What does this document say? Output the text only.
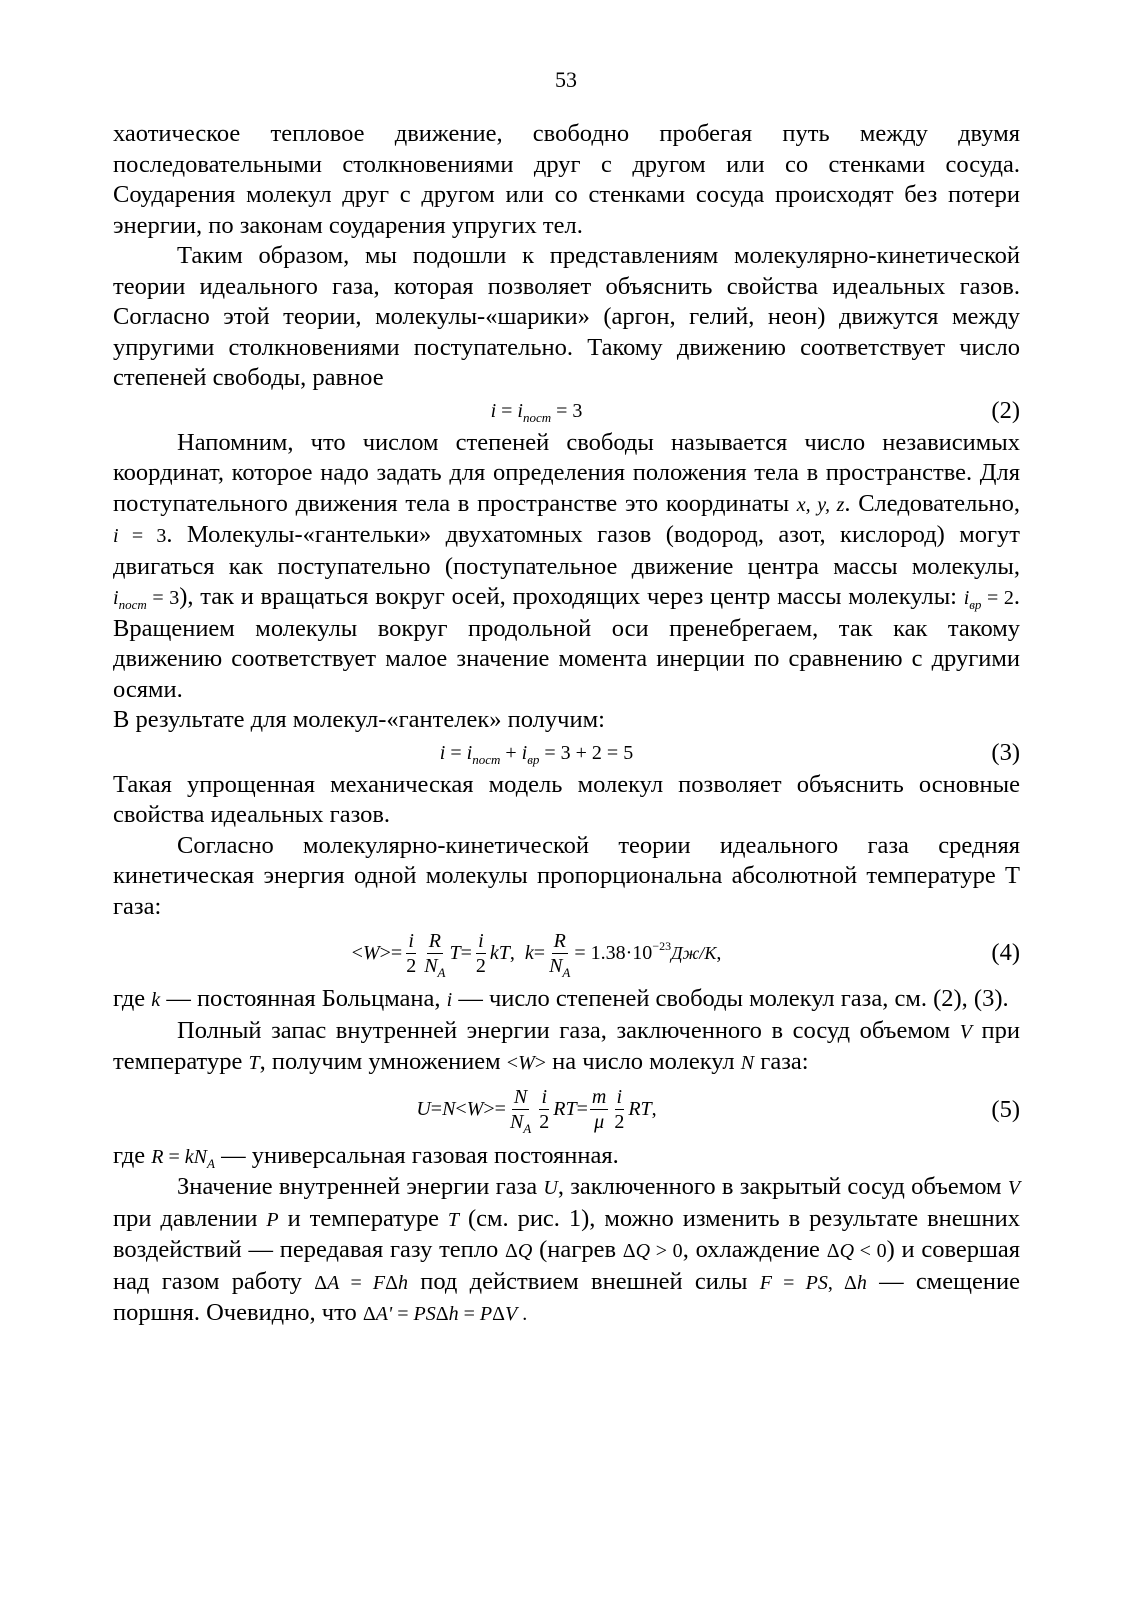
53

хаотическое тепловое движение, свободно пробегая путь между двумя последовательными столкновениями друг с другом или со стенками сосуда. Соударения молекул друг с другом или со стенками сосуда происходят без потери энергии, по законам соударения упругих тел.

Таким образом, мы подошли к представлениям молекулярно-кинетической теории идеального газа, которая позволяет объяснить свойства идеальных газов. Согласно этой теории, молекулы-«шарики» (аргон, гелий, неон) движутся между упругими столкновениями поступательно. Такому движению соответствует число степеней свободы, равное

$i = i_{пост} = 3$	(2)

Напомним, что числом степеней свободы называется число независимых координат, которое надо задать для определения положения тела в пространстве. Для поступательного движения тела в пространстве это координаты x, y, z. Следовательно, i = 3. Молекулы-«гантельки» двухатомных газов (водород, азот, кислород) могут двигаться как поступательно (поступательное движение центра массы молекулы, $i_{пост} = 3$), так и вращаться вокруг осей, проходящих через центр массы молекулы: $i_{вр} = 2$. Вращением молекулы вокруг продольной оси пренебрегаем, так как такому движению соответствует малое значение момента инерции по сравнению с другими осями.

В результате для молекул-«гантелек» получим:

$i = i_{пост} + i_{вр} = 3 + 2 = 5$	(3)

Такая упрощенная механическая модель молекул позволяет объяснить основные свойства идеальных газов.

Согласно молекулярно-кинетической теории идеального газа средняя кинетическая энергия одной молекулы пропорциональна абсолютной температуре Т газа:

< $W >= \frac{i}{2} \frac{R}{N_A}$ $T = \frac{i}{2}$ kT , $k = \frac{R}{N_A} = 1.38\cdot 10^{-23}$ Дж/K ,	(4)

где k — постоянная Больцмана, i — число степеней свободы молекул газа, см. (2), (3).

Полный запас внутренней энергии газа, заключенного в сосуд объемом V при температуре T, получим умножением <W> на число молекул N газа:

$U = N < W >= \frac{N}{N_A} \frac{i}{2}$ RT = $\frac{m}{\mu} \frac{i}{2}$ RT ,	(5)

где $R = kN_A$ — универсальная газовая постоянная.

Значение внутренней энергии газа U, заключенного в закрытый сосуд объемом V при давлении P и температуре T (см. рис. 1), можно изменить в результате внешних воздействий — передавая газу тепло ΔQ (нагрев ΔQ > 0, охлаждение ΔQ < 0) и совершая над газом работу ΔA = FΔh под действием внешней силы F = PS, Δh — смещение поршня. Очевидно, что ΔA' = PSΔh = PΔV .
